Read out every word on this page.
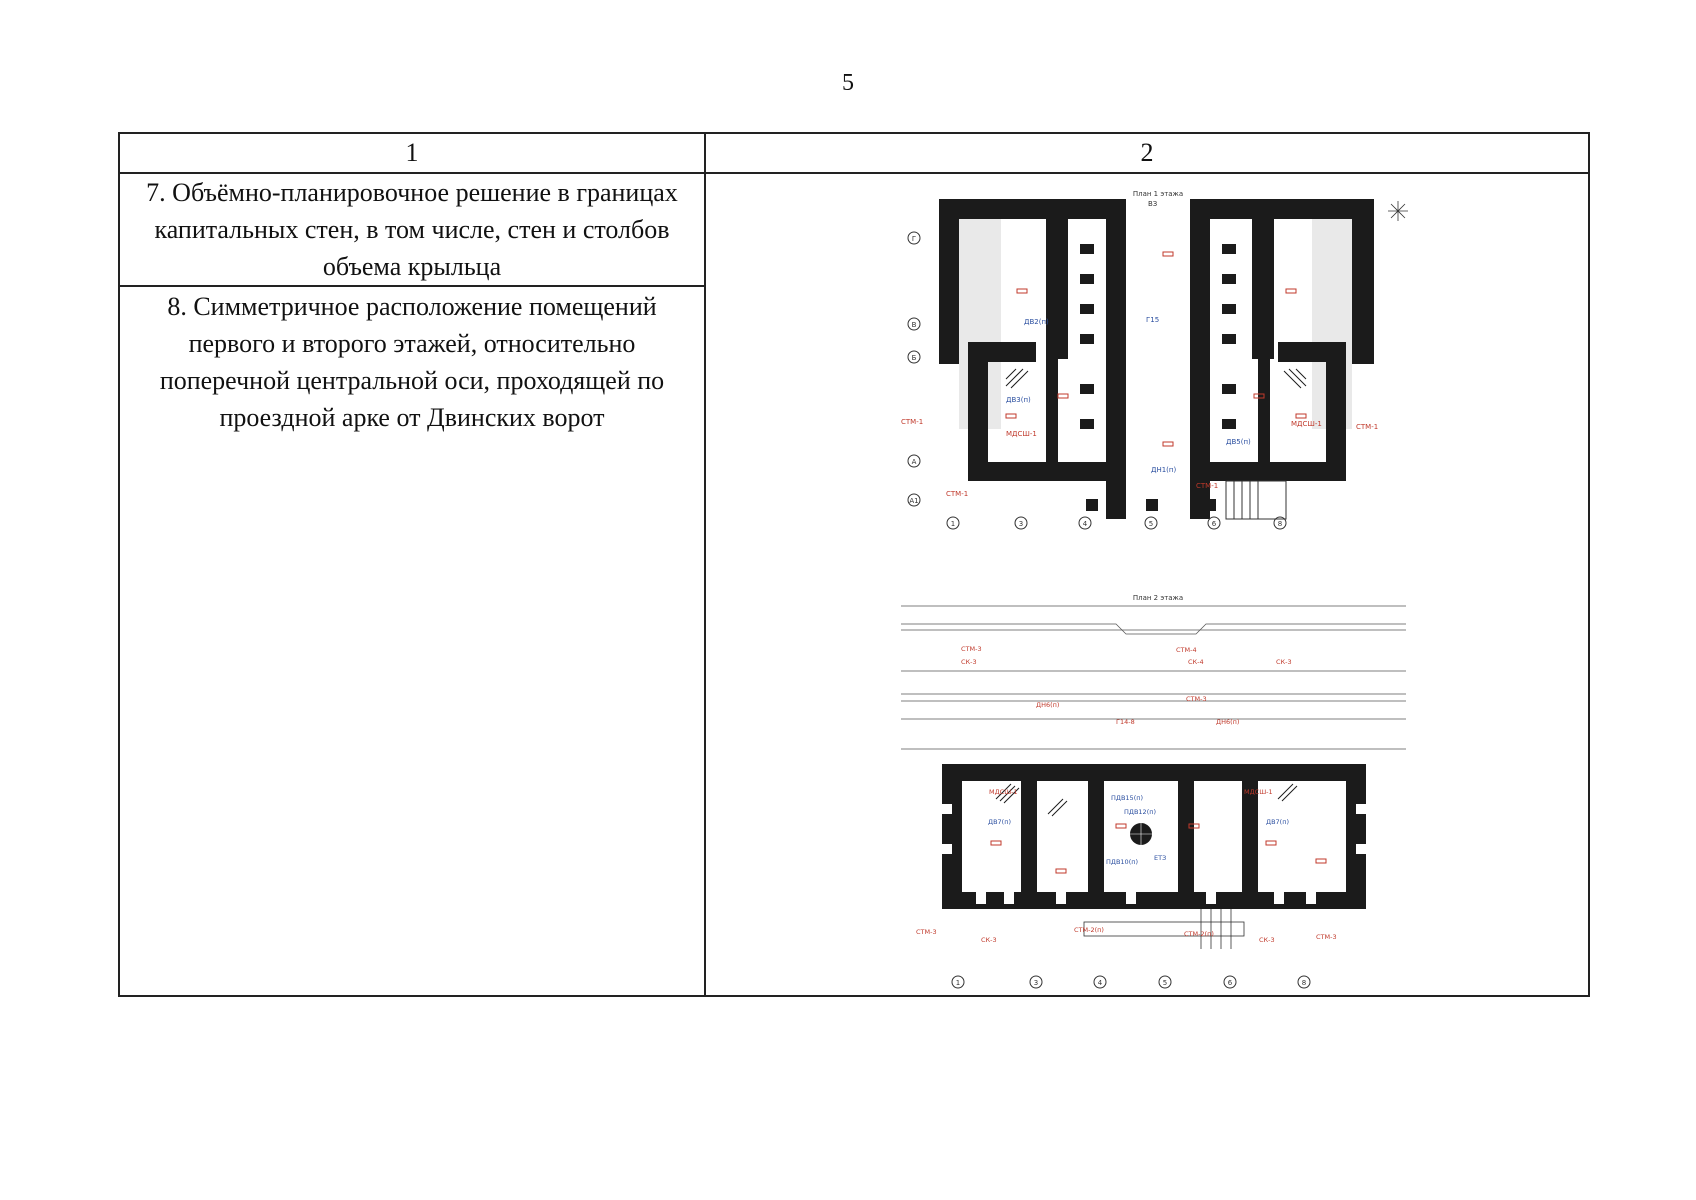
5
1	2
7. Объёмно-планировочное решение в границах капитальных стен, в том числе, стен и столбов объема крыльца
8. Симметричное расположение помещений первого и второго этажей, относительно поперечной центральной оси, проходящей по проездной арке от Двинских ворот
План 1 этажа
ДВ2(п)
ДВ3(п)
ДВ5(п)
ДН1(п)
МДСШ-1
МДСШ-1
Г15
ВЗ
СТМ-1
СТМ-1
СТМ-1
СТМ-1
1	3	4	5	6	8
Г
В
Б
А
А1
План 2 этажа
СТМ-3	СТМ-4
СК-3	СК-4	СК-3
СТМ-3
ДН6(п)
ДН6(п)
Г14-8
МДСШ-1	МДСШ-1
ДВ7(п)	ДВ7(п)
ПДВ15(п)
ПДВ12(п)
ПДВ10(п) ЕТЗ
СТМ-3
СТМ-3
СТМ-2(п)	СТМ-2(п)
СК-3	СК-3
1	3	4	5	6	8
